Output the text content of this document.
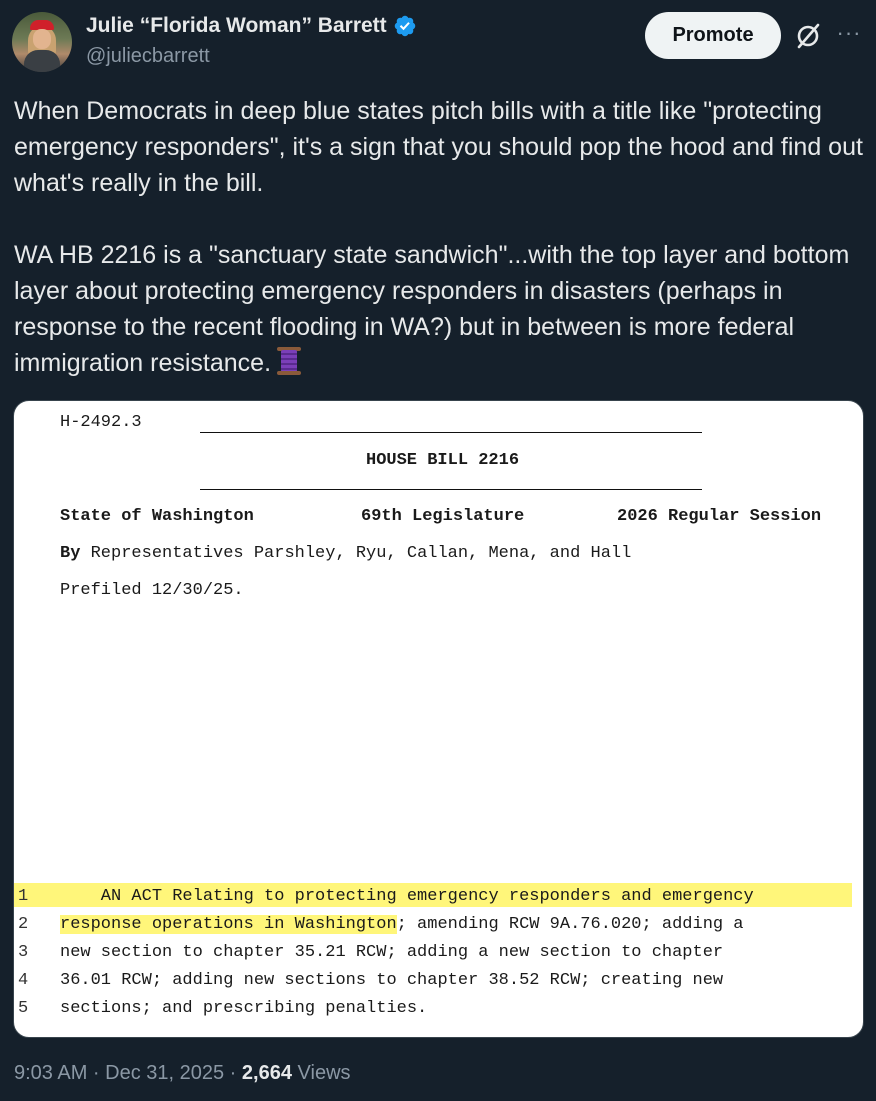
Julie “Florida Woman” Barrett
@juliecbarrett
Promote	···

When Democrats in deep blue states pitch bills with a title like "protecting emergency responders", it's a sign that you should pop the hood and find out what's really in the bill.

WA HB 2216 is a "sanctuary state sandwich"...with the top layer and bottom layer about protecting emergency responders in disasters (perhaps in response to the recent flooding in WA?) but in between is more federal immigration resistance.

H-2492.3
HOUSE BILL 2216
State of Washington	69th Legislature	2026 Regular Session
By Representatives Parshley, Ryu, Callan, Mena, and Hall
Prefiled 12/30/25.
1 AN ACT Relating to protecting emergency responders and emergency
2 response operations in Washington; amending RCW 9A.76.020; adding a
3 new section to chapter 35.21 RCW; adding a new section to chapter
4 36.01 RCW; adding new sections to chapter 38.52 RCW; creating new
5 sections; and prescribing penalties.
9:03 AM · Dec 31, 2025 · 2,664 Views
